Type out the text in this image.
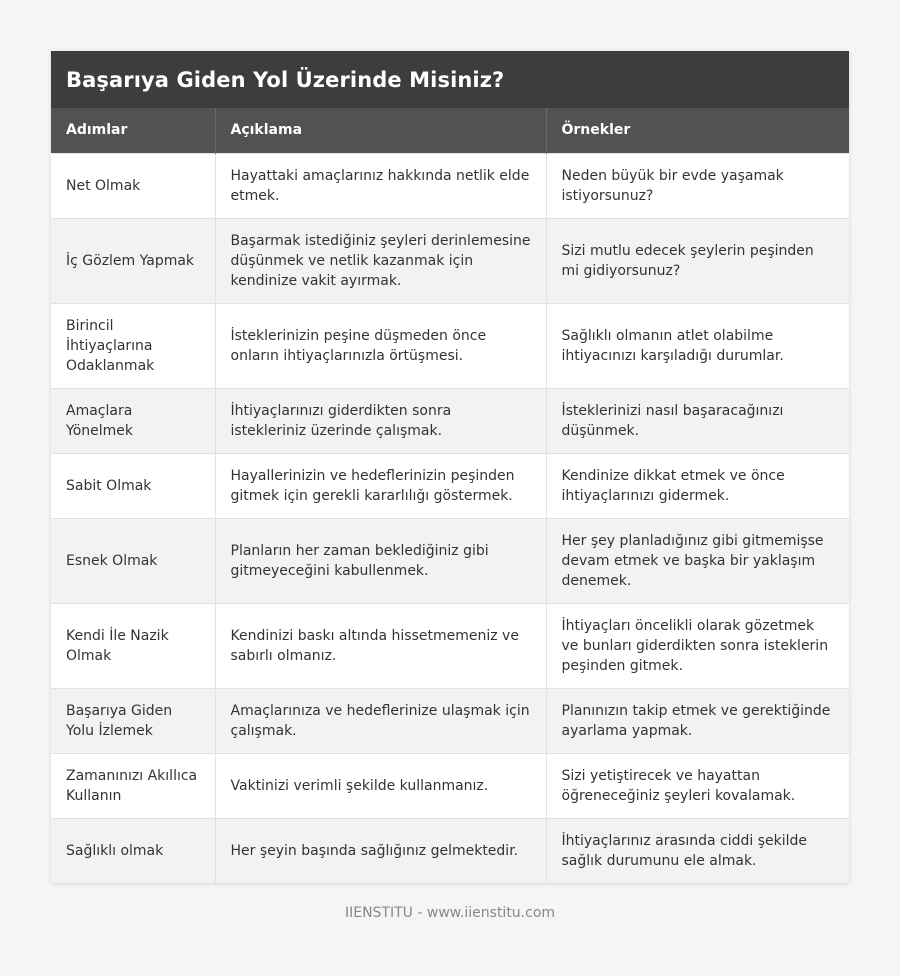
Başarıya Giden Yol Üzerinde Misiniz?
Adımlar	Açıklama	Örnekler
Net Olmak	Hayattaki amaçlarınız hakkında netlik elde etmek.	Neden büyük bir evde yaşamak istiyorsunuz?
İç Gözlem Yapmak	Başarmak istediğiniz şeyleri derinlemesine düşünmek ve netlik kazanmak için kendinize vakit ayırmak.	Sizi mutlu edecek şeylerin peşinden mi gidiyorsunuz?
Birincil İhtiyaçlarına Odaklanmak	İsteklerinizin peşine düşmeden önce onların ihtiyaçlarınızla örtüşmesi.	Sağlıklı olmanın atlet olabilme ihtiyacınızı karşıladığı durumlar.
Amaçlara Yönelmek	İhtiyaçlarınızı giderdikten sonra istekleriniz üzerinde çalışmak.	İsteklerinizi nasıl başaracağınızı düşünmek.
Sabit Olmak	Hayallerinizin ve hedeflerinizin peşinden gitmek için gerekli kararlılığı göstermek.	Kendinize dikkat etmek ve önce ihtiyaçlarınızı gidermek.
Esnek Olmak	Planların her zaman beklediğiniz gibi gitmeyeceğini kabullenmek.	Her şey planladığınız gibi gitmemişse devam etmek ve başka bir yaklaşım denemek.
Kendi İle Nazik Olmak	Kendinizi baskı altında hissetmemeniz ve sabırlı olmanız.	İhtiyaçları öncelikli olarak gözetmek ve bunları giderdikten sonra isteklerin peşinden gitmek.
Başarıya Giden Yolu İzlemek	Amaçlarınıza ve hedeflerinize ulaşmak için çalışmak.	Planınızın takip etmek ve gerektiğinde ayarlama yapmak.
Zamanınızı Akıllıca Kullanın	Vaktinizi verimli şekilde kullanmanız.	Sizi yetiştirecek ve hayattan öğreneceğiniz şeyleri kovalamak.
Sağlıklı olmak	Her şeyin başında sağlığınız gelmektedir.	İhtiyaçlarınız arasında ciddi şekilde sağlık durumunu ele almak.
IIENSTITU - www.iienstitu.com
